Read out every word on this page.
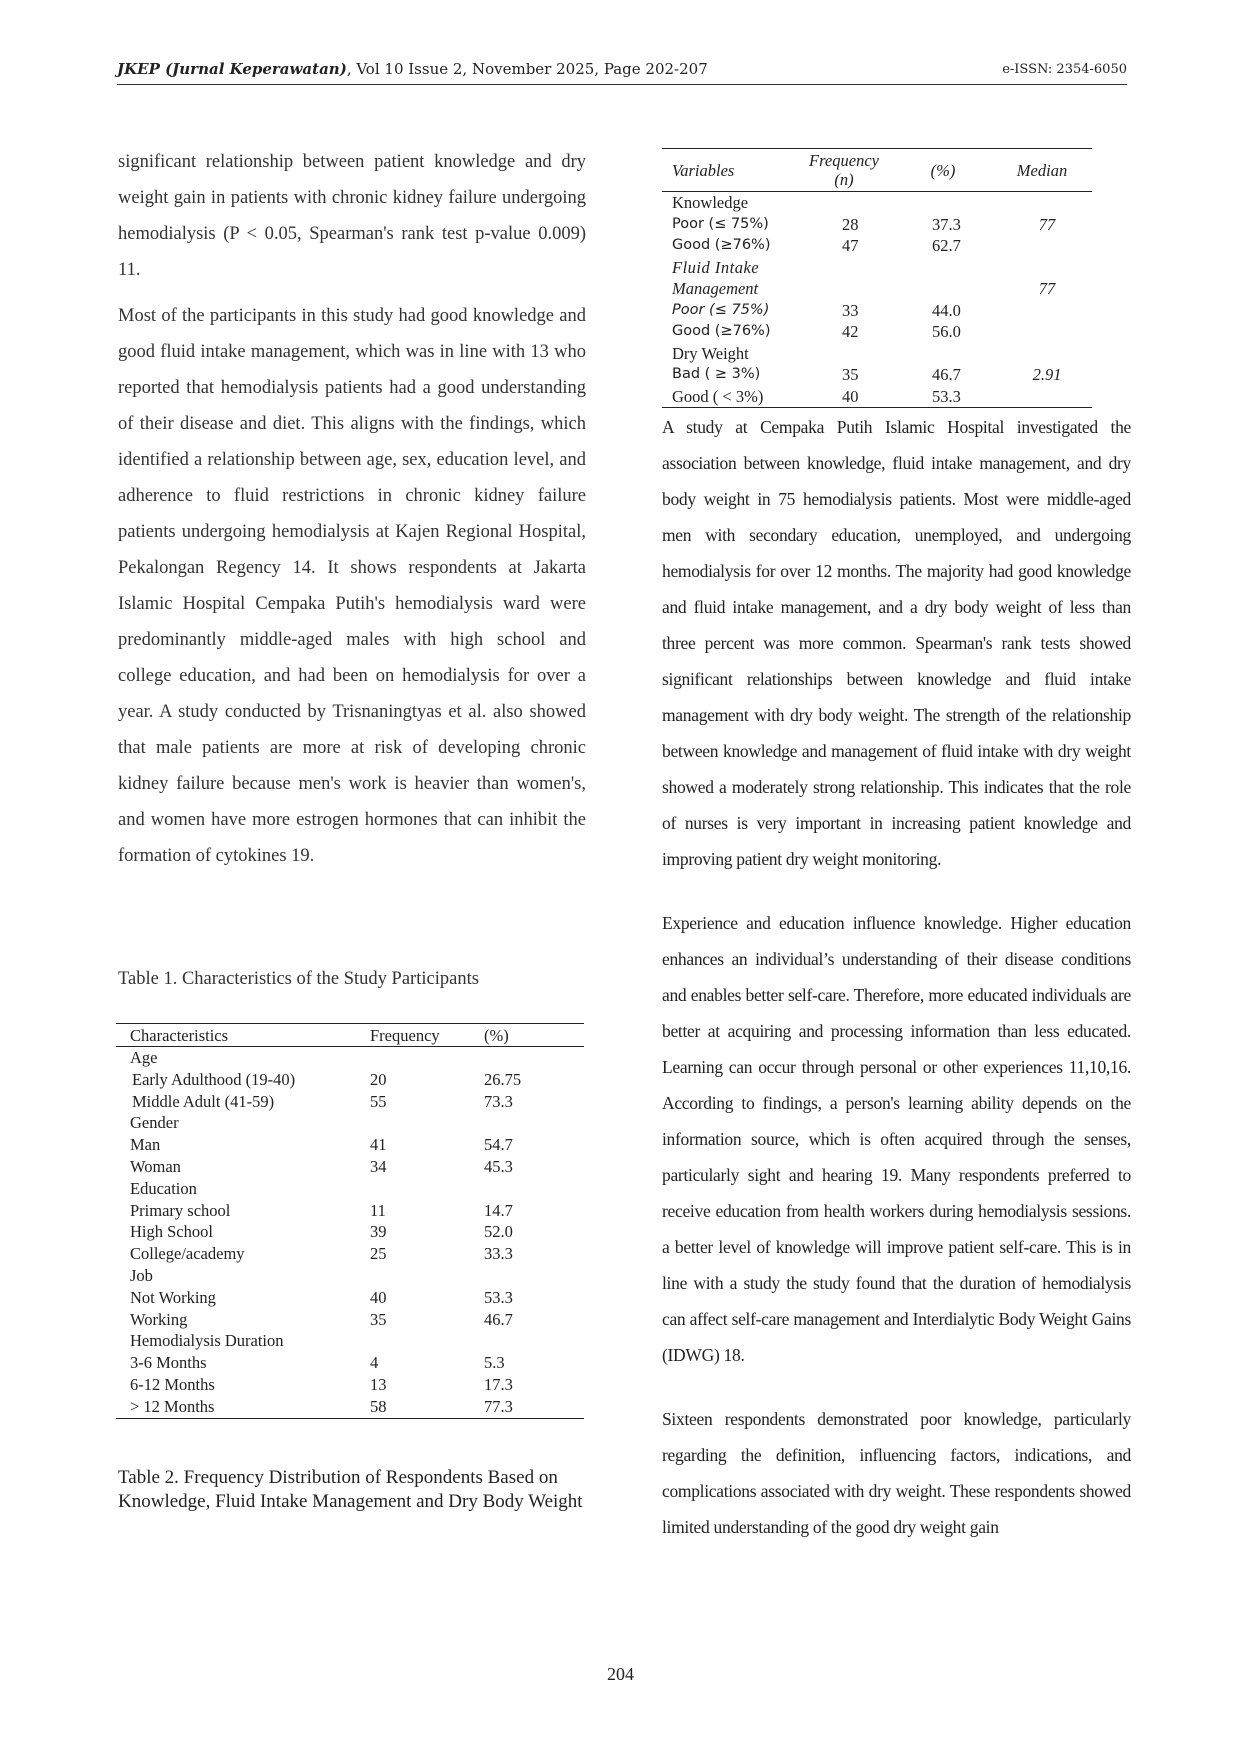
JKEP (Jurnal Keperawatan), Vol 10 Issue 2, November 2025, Page 202-207	e-ISSN: 2354-6050

significant relationship between patient knowledge and dry weight gain in patients with chronic kidney failure undergoing hemodialysis (P < 0.05, Spearman's rank test p-value 0.009) 11.

Most of the participants in this study had good knowledge and good fluid intake management, which was in line with 13 who reported that hemodialysis patients had a good understanding of their disease and diet. This aligns with the findings, which identified a relationship between age, sex, education level, and adherence to fluid restrictions in chronic kidney failure patients undergoing hemodialysis at Kajen Regional Hospital, Pekalongan Regency 14. It shows respondents at Jakarta Islamic Hospital Cempaka Putih's hemodialysis ward were predominantly middle-aged males with high school and college education, and had been on hemodialysis for over a year. A study conducted by Trisnaningtyas et al. also showed that male patients are more at risk of developing chronic kidney failure because men's work is heavier than women's, and women have more estrogen hormones that can inhibit the formation of cytokines 19.

Table 1. Characteristics of the Study Participants
Characteristics	Frequency	(%)
Age		
Early Adulthood (19-40)	20	26.75
Middle Adult (41-59)	55	73.3
Gender		
Man	41	54.7
Woman	34	45.3
Education		
Primary school	11	14.7
High School	39	52.0
College/academy	25	33.3
Job		
Not Working	40	53.3
Working	35	46.7
Hemodialysis Duration		
3-6 Months	4	5.3
6-12 Months	13	17.3
> 12 Months	58	77.3
Table 2. Frequency Distribution of Respondents Based on Knowledge, Fluid Intake Management and Dry Body Weight
Variables	Frequency (n)	(%)	Median
Knowledge			
Poor (≤ 75%)	28	37.3	77
Good (≥76%)	47	62.7	
Fluid Intake			
Management			77
Poor (≤ 75%)	33	44.0	
Good (≥76%)	42	56.0	
Dry Weight			
Bad ( ≥ 3%)	35	46.7	2.91
Good ( < 3%)	40	53.3	

A study at Cempaka Putih Islamic Hospital investigated the association between knowledge, fluid intake management, and dry body weight in 75 hemodialysis patients. Most were middle-aged men with secondary education, unemployed, and undergoing hemodialysis for over 12 months. The majority had good knowledge and fluid intake management, and a dry body weight of less than three percent was more common. Spearman's rank tests showed significant relationships between knowledge and fluid intake management with dry body weight. The strength of the relationship between knowledge and management of fluid intake with dry weight showed a moderately strong relationship. This indicates that the role of nurses is very important in increasing patient knowledge and improving patient dry weight monitoring.

Experience and education influence knowledge. Higher education enhances an individual’s understanding of their disease conditions and enables better self-care. Therefore, more educated individuals are better at acquiring and processing information than less educated. Learning can occur through personal or other experiences 11,10,16. According to findings, a person's learning ability depends on the information source, which is often acquired through the senses, particularly sight and hearing 19. Many respondents preferred to receive education from health workers during hemodialysis sessions. a better level of knowledge will improve patient self-care. This is in line with a study the study found that the duration of hemodialysis can affect self-care management and Interdialytic Body Weight Gains (IDWG) 18.

Sixteen respondents demonstrated poor knowledge, particularly regarding the definition, influencing factors, indications, and complications associated with dry weight. These respondents showed limited understanding of the good dry weight gain

204
